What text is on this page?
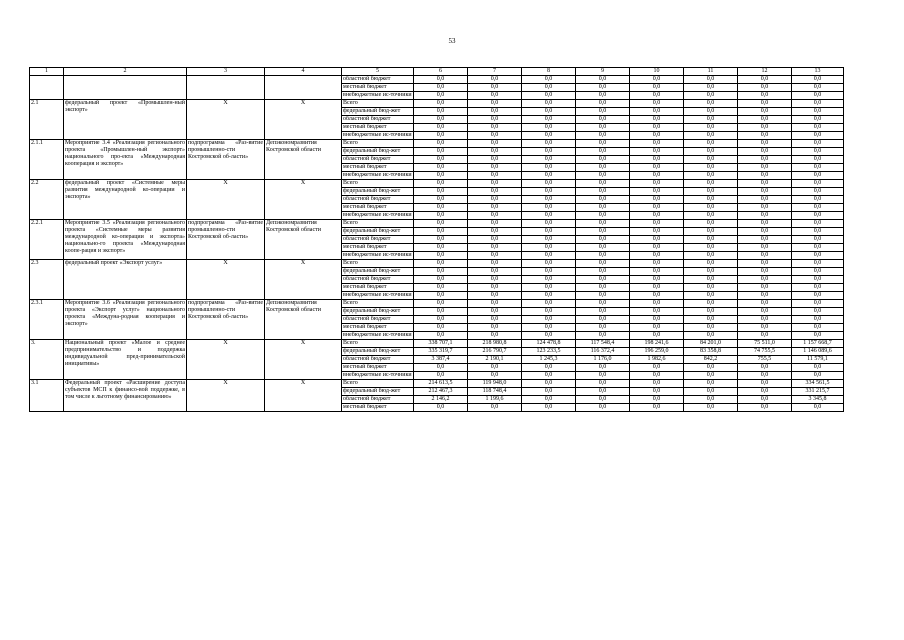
53
1	2	3	4	5	6	7	8	9	10	11	12	13
				областной бюджет	0,0	0,0	0,0	0,0	0,0	0,0	0,0	0,0
				местный бюджет	0,0	0,0	0,0	0,0	0,0	0,0	0,0	0,0
				внебюджетные ис-точники	0,0	0,0	0,0	0,0	0,0	0,0	0,0	0,0
2.1	федеральный проект «Промышлен-ный экспорт»	Х	Х	Всего	0,0	0,0	0,0	0,0	0,0	0,0	0,0	0,0
				федеральный бюд-жет	0,0	0,0	0,0	0,0	0,0	0,0	0,0	0,0
				областной бюджет	0,0	0,0	0,0	0,0	0,0	0,0	0,0	0,0
				местный бюджет	0,0	0,0	0,0	0,0	0,0	0,0	0,0	0,0
				внебюджетные ис-точники	0,0	0,0	0,0	0,0	0,0	0,0	0,0	0,0
2.1.1	Мероприятие 3.4 «Реализация регионального проекта «Промышлен-ный экспорт» национального про-екта «Международная кооперация и экспорт»	подпрограмма «Раз-витие промышленно-сти Костромской об-ласти»	Депэкономразвития Костромской области	Всего	0,0	0,0	0,0	0,0	0,0	0,0	0,0	0,0
				федеральный бюд-жет	0,0	0,0	0,0	0,0	0,0	0,0	0,0	0,0
				областной бюджет	0,0	0,0	0,0	0,0	0,0	0,0	0,0	0,0
				местный бюджет	0,0	0,0	0,0	0,0	0,0	0,0	0,0	0,0
				внебюджетные ис-точники	0,0	0,0	0,0	0,0	0,0	0,0	0,0	0,0
2.2	федеральный проект «Системные меры развития международной ко-операции и экспорта»	Х	Х	Всего	0,0	0,0	0,0	0,0	0,0	0,0	0,0	0,0
				федеральный бюд-жет	0,0	0,0	0,0	0,0	0,0	0,0	0,0	0,0
				областной бюджет	0,0	0,0	0,0	0,0	0,0	0,0	0,0	0,0
				местный бюджет	0,0	0,0	0,0	0,0	0,0	0,0	0,0	0,0
				внебюджетные ис-точники	0,0	0,0	0,0	0,0	0,0	0,0	0,0	0,0
2.2.1	Мероприятие 3.5 «Реализация регионального проекта «Системные меры развития международной ко-операции и экспорта» национально-го проекта «Международная коопе-рация и экспорт»	подпрограмма «Раз-витие промышленно-сти Костромской об-ласти»	Депэкономразвития Костромской области	Всего	0,0	0,0	0,0	0,0	0,0	0,0	0,0	0,0
				федеральный бюд-жет	0,0	0,0	0,0	0,0	0,0	0,0	0,0	0,0
				областной бюджет	0,0	0,0	0,0	0,0	0,0	0,0	0,0	0,0
				местный бюджет	0,0	0,0	0,0	0,0	0,0	0,0	0,0	0,0
				внебюджетные ис-точники	0,0	0,0	0,0	0,0	0,0	0,0	0,0	0,0
2.3	федеральный проект «Экспорт услуг»	Х	Х	Всего	0,0	0,0	0,0	0,0	0,0	0,0	0,0	0,0
				федеральный бюд-жет	0,0	0,0	0,0	0,0	0,0	0,0	0,0	0,0
				областной бюджет	0,0	0,0	0,0	0,0	0,0	0,0	0,0	0,0
				местный бюджет	0,0	0,0	0,0	0,0	0,0	0,0	0,0	0,0
				внебюджетные ис-точники	0,0	0,0	0,0	0,0	0,0	0,0	0,0	0,0
2.3.1	Мероприятие 3.6 «Реализация регионального проекта «Экспорт услуг» национального проекта «Междуна-родная кооперация и экспорт»	подпрограмма «Раз-витие промышленно-сти Костромской об-ласти»	Депэкономразвития Костромской области	Всего	0,0	0,0	0,0	0,0	0,0	0,0	0,0	0,0
				федеральный бюд-жет	0,0	0,0	0,0	0,0	0,0	0,0	0,0	0,0
				областной бюджет	0,0	0,0	0,0	0,0	0,0	0,0	0,0	0,0
				местный бюджет	0,0	0,0	0,0	0,0	0,0	0,0	0,0	0,0
				внебюджетные ис-точники	0,0	0,0	0,0	0,0	0,0	0,0	0,0	0,0
3.	Национальный проект «Малое и среднее предпринимательство и поддержка индивидуальной пред-принимательской инициативы»	Х	Х	Всего	338 707,1	218 980,8	124 478,8	117 548,4	198 241,6	84 201,0	75 511,0	1 157 668,7
				федеральный бюд-жет	335 319,7	216 790,7	123 233,5	116 372,4	196 259,0	83 358,8	74 755,5	1 146 089,6
				областной бюджет	3 387,4	2 190,1	1 245,3	1 176,0	1 982,6	842,2	755,5	11 579,1
				местный бюджет	0,0	0,0	0,0	0,0	0,0	0,0	0,0	0,0
				внебюджетные ис-точники	0,0	0,0	0,0	0,0	0,0	0,0	0,0	0,0
3.1	Федеральный проект «Расширение доступа субъектов МСП к финансо-вой поддержке, в том числе к льготному финансированию»	Х	Х	Всего	214 613,5	119 948,0	0,0	0,0	0,0	0,0	0,0	334 561,5
				федеральный бюд-жет	212 467,3	118 748,4	0,0	0,0	0,0	0,0	0,0	331 215,7
				областной бюджет	2 146,2	1 199,6	0,0	0,0	0,0	0,0	0,0	3 345,8
				местный бюджет	0,0	0,0	0,0	0,0	0,0	0,0	0,0	0,0
